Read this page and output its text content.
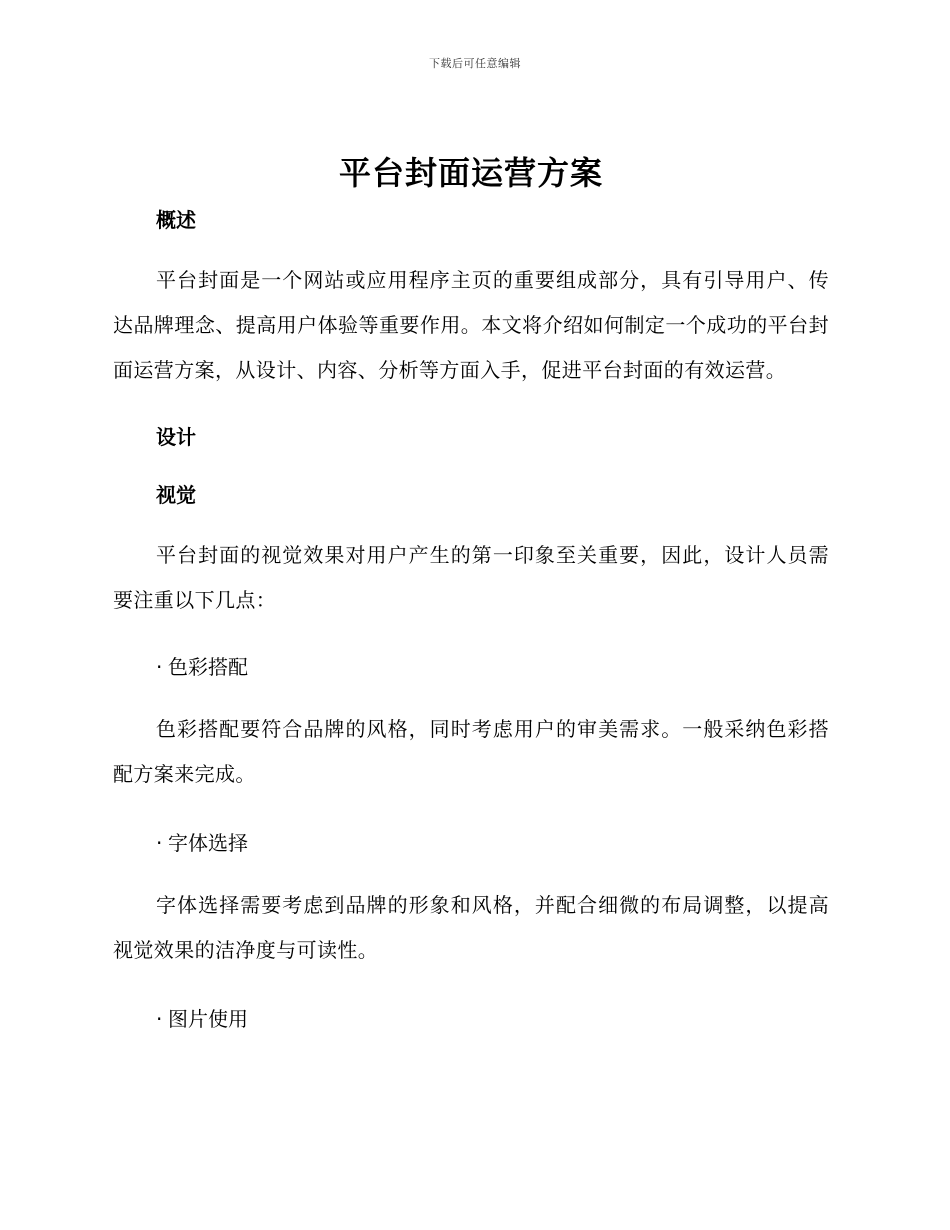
下载后可任意编辑
平台封面运营方案
概述

平台封面是一个网站或应用程序主页的重要组成部分，具有引导用户、传达品牌理念、提高用户体验等重要作用。本文将介绍如何制定一个成功的平台封面运营方案，从设计、内容、分析等方面入手，促进平台封面的有效运营。

设计
视觉

平台封面的视觉效果对用户产生的第一印象至关重要，因此，设计人员需要注重以下几点：

· 色彩搭配

色彩搭配要符合品牌的风格，同时考虑用户的审美需求。一般采纳色彩搭配方案来完成。

· 字体选择

字体选择需要考虑到品牌的形象和风格，并配合细微的布局调整，以提高视觉效果的洁净度与可读性。

· 图片使用
